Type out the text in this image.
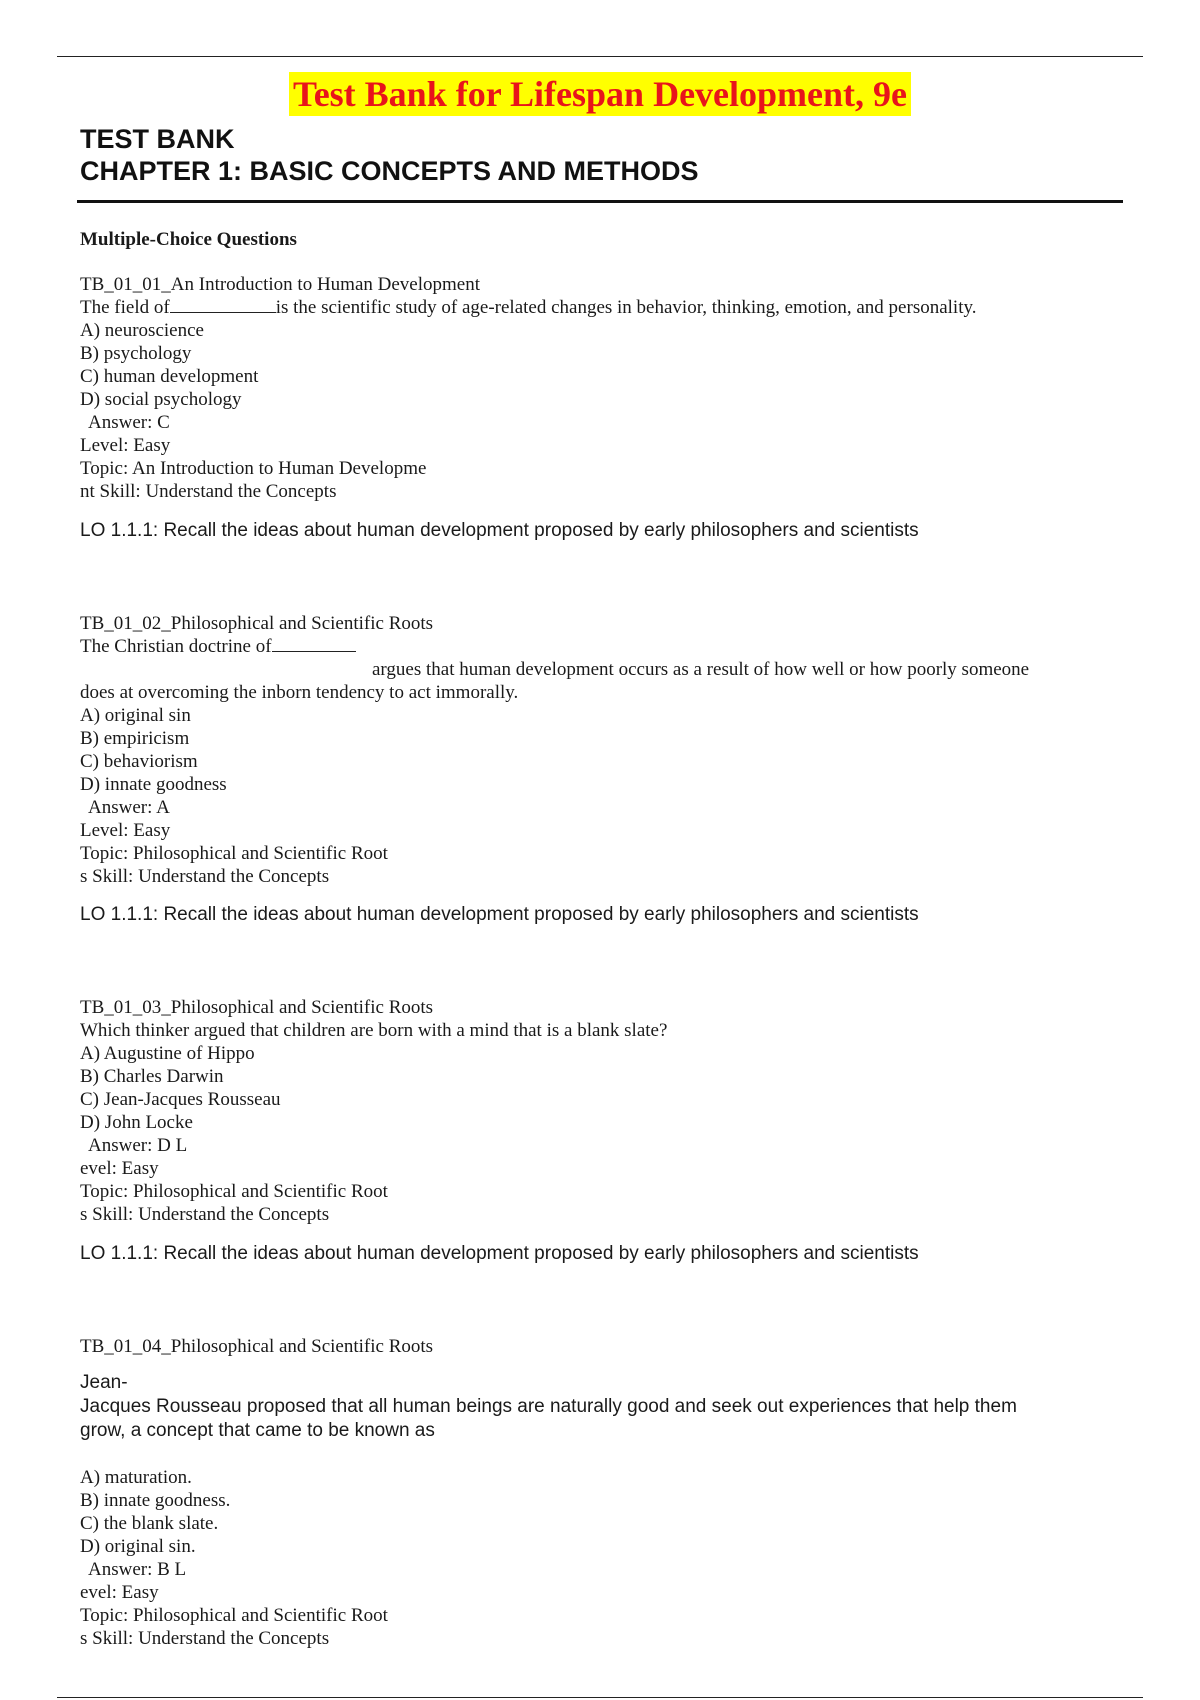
Test Bank for Lifespan Development, 9e
TEST BANK
CHAPTER 1: BASIC CONCEPTS AND METHODS
Multiple-Choice Questions
TB_01_01_An Introduction to Human Development
The field of	is the scientific study of age-related changes in behavior, thinking, emotion, and personality.
A) neuroscience
B) psychology
C) human development
D) social psychology
Answer: C
Level: Easy
Topic: An Introduction to Human Developme
nt Skill: Understand the Concepts
LO 1.1.1: Recall the ideas about human development proposed by early philosophers and scientists
TB_01_02_Philosophical and Scientific Roots
The Christian doctrine of
argues that human development occurs as a result of how well or how poorly someone
does at overcoming the inborn tendency to act immorally.
A) original sin
B) empiricism
C) behaviorism
D) innate goodness
Answer: A
Level: Easy
Topic: Philosophical and Scientific Root
s Skill: Understand the Concepts
LO 1.1.1: Recall the ideas about human development proposed by early philosophers and scientists
TB_01_03_Philosophical and Scientific Roots
Which thinker argued that children are born with a mind that is a blank slate?
A) Augustine of Hippo
B) Charles Darwin
C) Jean-Jacques Rousseau
D) John Locke
Answer: D L
evel: Easy
Topic: Philosophical and Scientific Root
s Skill: Understand the Concepts
LO 1.1.1: Recall the ideas about human development proposed by early philosophers and scientists
TB_01_04_Philosophical and Scientific Roots
Jean-
Jacques Rousseau proposed that all human beings are naturally good and seek out experiences that help them
grow, a concept that came to be known as
A) maturation.
B) innate goodness.
C) the blank slate.
D) original sin.
Answer: B L
evel: Easy
Topic: Philosophical and Scientific Root
s Skill: Understand the Concepts
